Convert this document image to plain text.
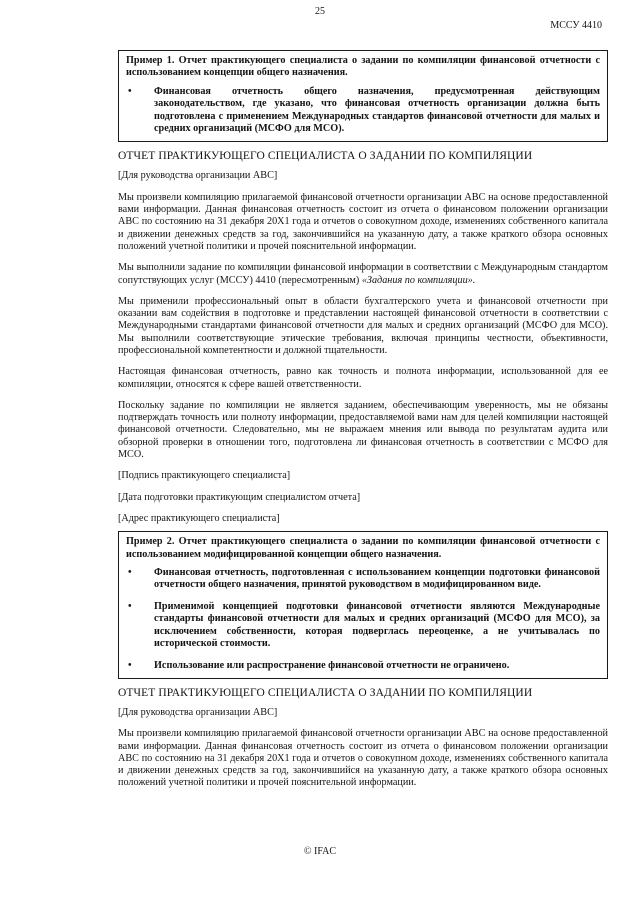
25
МССУ 4410

Пример 1. Отчет практикующего специалиста о задании по компиляции финансовой отчетности с использованием концепции общего назначения.

• Финансовая отчетность общего назначения, предусмотренная действующим законодательством, где указано, что финансовая отчетность организации должна быть подготовлена с применением Международных стандартов финансовой отчетности для малых и средних организаций (МСФО для МСО).
ОТЧЕТ ПРАКТИКУЮЩЕГО СПЕЦИАЛИСТА О ЗАДАНИИ ПО КОМПИЛЯЦИИ

[Для руководства организации ABC]

Мы произвели компиляцию прилагаемой финансовой отчетности организации ABC на основе предоставленной вами информации. Данная финансовая отчетность состоит из отчета о финансовом положении организации ABC по состоянию на 31 декабря 20X1 года и отчетов о совокупном доходе, изменениях собственного капитала и движении денежных средств за год, закончившийся на указанную дату, а также краткого обзора основных положений учетной политики и прочей пояснительной информации.

Мы выполнили задание по компиляции финансовой информации в соответствии с Международным стандартом сопутствующих услуг (МССУ) 4410 (пересмотренным) «Задания по компиляции».

Мы применили профессиональный опыт в области бухгалтерского учета и финансовой отчетности при оказании вам содействия в подготовке и представлении настоящей финансовой отчетности в соответствии с Международными стандартами финансовой отчетности для малых и средних организаций (МСФО для МСО). Мы выполнили соответствующие этические требования, включая принципы честности, объективности, профессиональной компетентности и должной тщательности.

Настоящая финансовая отчетность, равно как точность и полнота информации, использованной для ее компиляции, относятся к сфере вашей ответственности.

Поскольку задание по компиляции не является заданием, обеспечивающим уверенность, мы не обязаны подтверждать точность или полноту информации, предоставляемой вами нам для целей компиляции настоящей финансовой отчетности. Следовательно, мы не выражаем мнения или вывода по результатам аудита или обзорной проверки в отношении того, подготовлена ли финансовая отчетность в соответствии с МСФО для МСО.

[Подпись практикующего специалиста]

[Дата подготовки практикующим специалистом отчета]

[Адрес практикующего специалиста]

Пример 2. Отчет практикующего специалиста о задании по компиляции финансовой отчетности с использованием модифицированной концепции общего назначения.

• Финансовая отчетность, подготовленная с использованием концепции подготовки финансовой отчетности общего назначения, принятой руководством в модифицированном виде.
• Применимой концепцией подготовки финансовой отчетности являются Международные стандарты финансовой отчетности для малых и средних организаций (МСФО для МСО), за исключением собственности, которая подверглась переоценке, а не учитывалась по исторической стоимости.
• Использование или распространение финансовой отчетности не ограничено.
ОТЧЕТ ПРАКТИКУЮЩЕГО СПЕЦИАЛИСТА О ЗАДАНИИ ПО КОМПИЛЯЦИИ

[Для руководства организации ABC]

Мы произвели компиляцию прилагаемой финансовой отчетности организации ABC на основе предоставленной вами информации. Данная финансовая отчетность состоит из отчета о финансовом положении организации ABC по состоянию на 31 декабря 20X1 года и отчетов о совокупном доходе, изменениях собственного капитала и движении денежных средств за год, закончившийся на указанную дату, а также краткого обзора основных положений учетной политики и прочей пояснительной информации.

© IFAC
